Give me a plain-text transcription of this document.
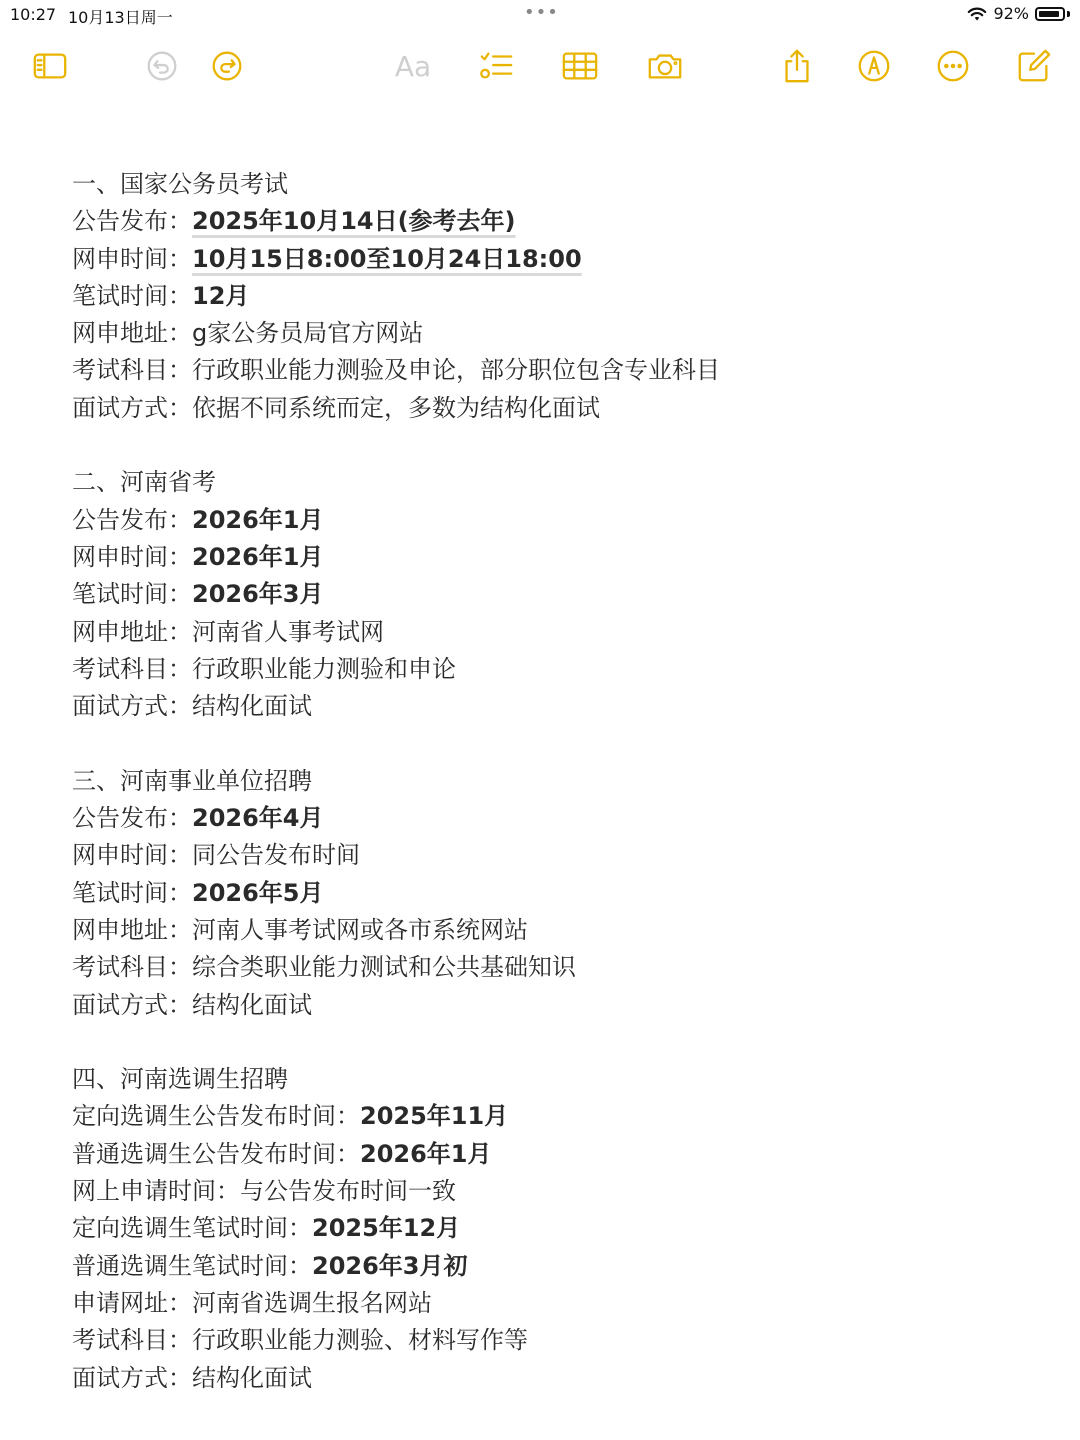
10:27 10月13日周一	•••	92%
Aa
一、国家公务员考试
公告发布：2025年10月14日(参考去年)
网申时间：10月15日8:00至10月24日18:00
笔试时间：12月
网申地址：g家公务员局官方网站
考试科目：行政职业能力测验及申论，部分职位包含专业科目
面试方式：依据不同系统而定，多数为结构化面试
二、河南省考
公告发布：2026年1月
网申时间：2026年1月
笔试时间：2026年3月
网申地址：河南省人事考试网
考试科目：行政职业能力测验和申论
面试方式：结构化面试
三、河南事业单位招聘
公告发布：2026年4月
网申时间：同公告发布时间
笔试时间：2026年5月
网申地址：河南人事考试网或各市系统网站
考试科目：综合类职业能力测试和公共基础知识
面试方式：结构化面试
四、河南选调生招聘
定向选调生公告发布时间：2025年11月
普通选调生公告发布时间：2026年1月
网上申请时间：与公告发布时间一致
定向选调生笔试时间：2025年12月
普通选调生笔试时间：2026年3月初
申请网址：河南省选调生报名网站
考试科目：行政职业能力测验、材料写作等
面试方式：结构化面试
